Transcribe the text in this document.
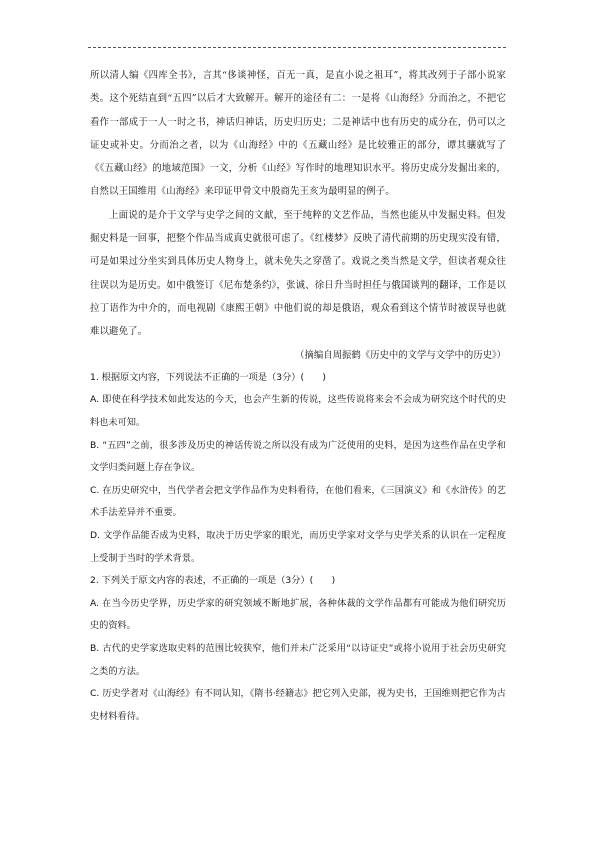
所以清人编《四库全书》，言其“侈谈神怪，百无一真，是直小说之祖耳”，将其改列于子部小说家类。这个死结直到“五四”以后才大致解开。解开的途径有二：一是将《山海经》分而治之，不把它看作一部成于一人一时之书，神话归神话，历史归历史；二是神话中也有历史的成分在，仍可以之证史或补史。分而治之者，以为《山海经》中的《五藏山经》是比较雅正的部分，谭其骧就写了《《五藏山经》的地域范围》一文，分析《山经》写作时的地理知识水平。将历史成分发掘出来的，自然以王国维用《山海经》来印证甲骨文中殷商先王亥为最明显的例子。

上面说的是介于文学与史学之间的文献，至于纯粹的文艺作品，当然也能从中发掘史料。但发掘史料是一回事，把整个作品当成真史就很可虑了。《红楼梦》反映了清代前期的历史现实没有错，可是如果过分坐实到具体历史人物身上，就未免失之穿凿了。戏说之类当然是文学，但读者观众往往误以为是历史。如中俄签订《尼布楚条约》，张诚、徐日升当时担任与俄国谈判的翻译，工作是以拉丁语作为中介的，而电视剧《康熙王朝》中他们说的却是俄语，观众看到这个情节时被误导也就难以避免了。

（摘编自周振鹤《历史中的文学与文学中的历史》）

1. 根据原文内容，下列说法不正确的一项是（3分）(　　)

A. 即使在科学技术如此发达的今天，也会产生新的传说，这些传说将来会不会成为研究这个时代的史料也未可知。

B. “五四”之前，很多涉及历史的神话传说之所以没有成为广泛使用的史料，是因为这些作品在史学和文学归类问题上存在争议。

C. 在历史研究中，当代学者会把文学作品作为史料看待，在他们看来，《三国演义》和《水浒传》的艺术手法差异并不重要。

D. 文学作品能否成为史料，取决于历史学家的眼光，而历史学家对文学与史学关系的认识在一定程度上受制于当时的学术背景。

2. 下列关于原文内容的表述，不正确的一项是（3分）(　　)

A. 在当今历史学界，历史学家的研究领域不断地扩展，各种体裁的文学作品都有可能成为他们研究历史的资料。

B. 古代的史学家选取史料的范围比较狭窄，他们并未广泛采用“以诗证史”或将小说用于社会历史研究之类的方法。

C. 历史学者对《山海经》有不同认知，《隋书·经籍志》把它列入史部，视为史书，王国维则把它作为古史材料看待。
